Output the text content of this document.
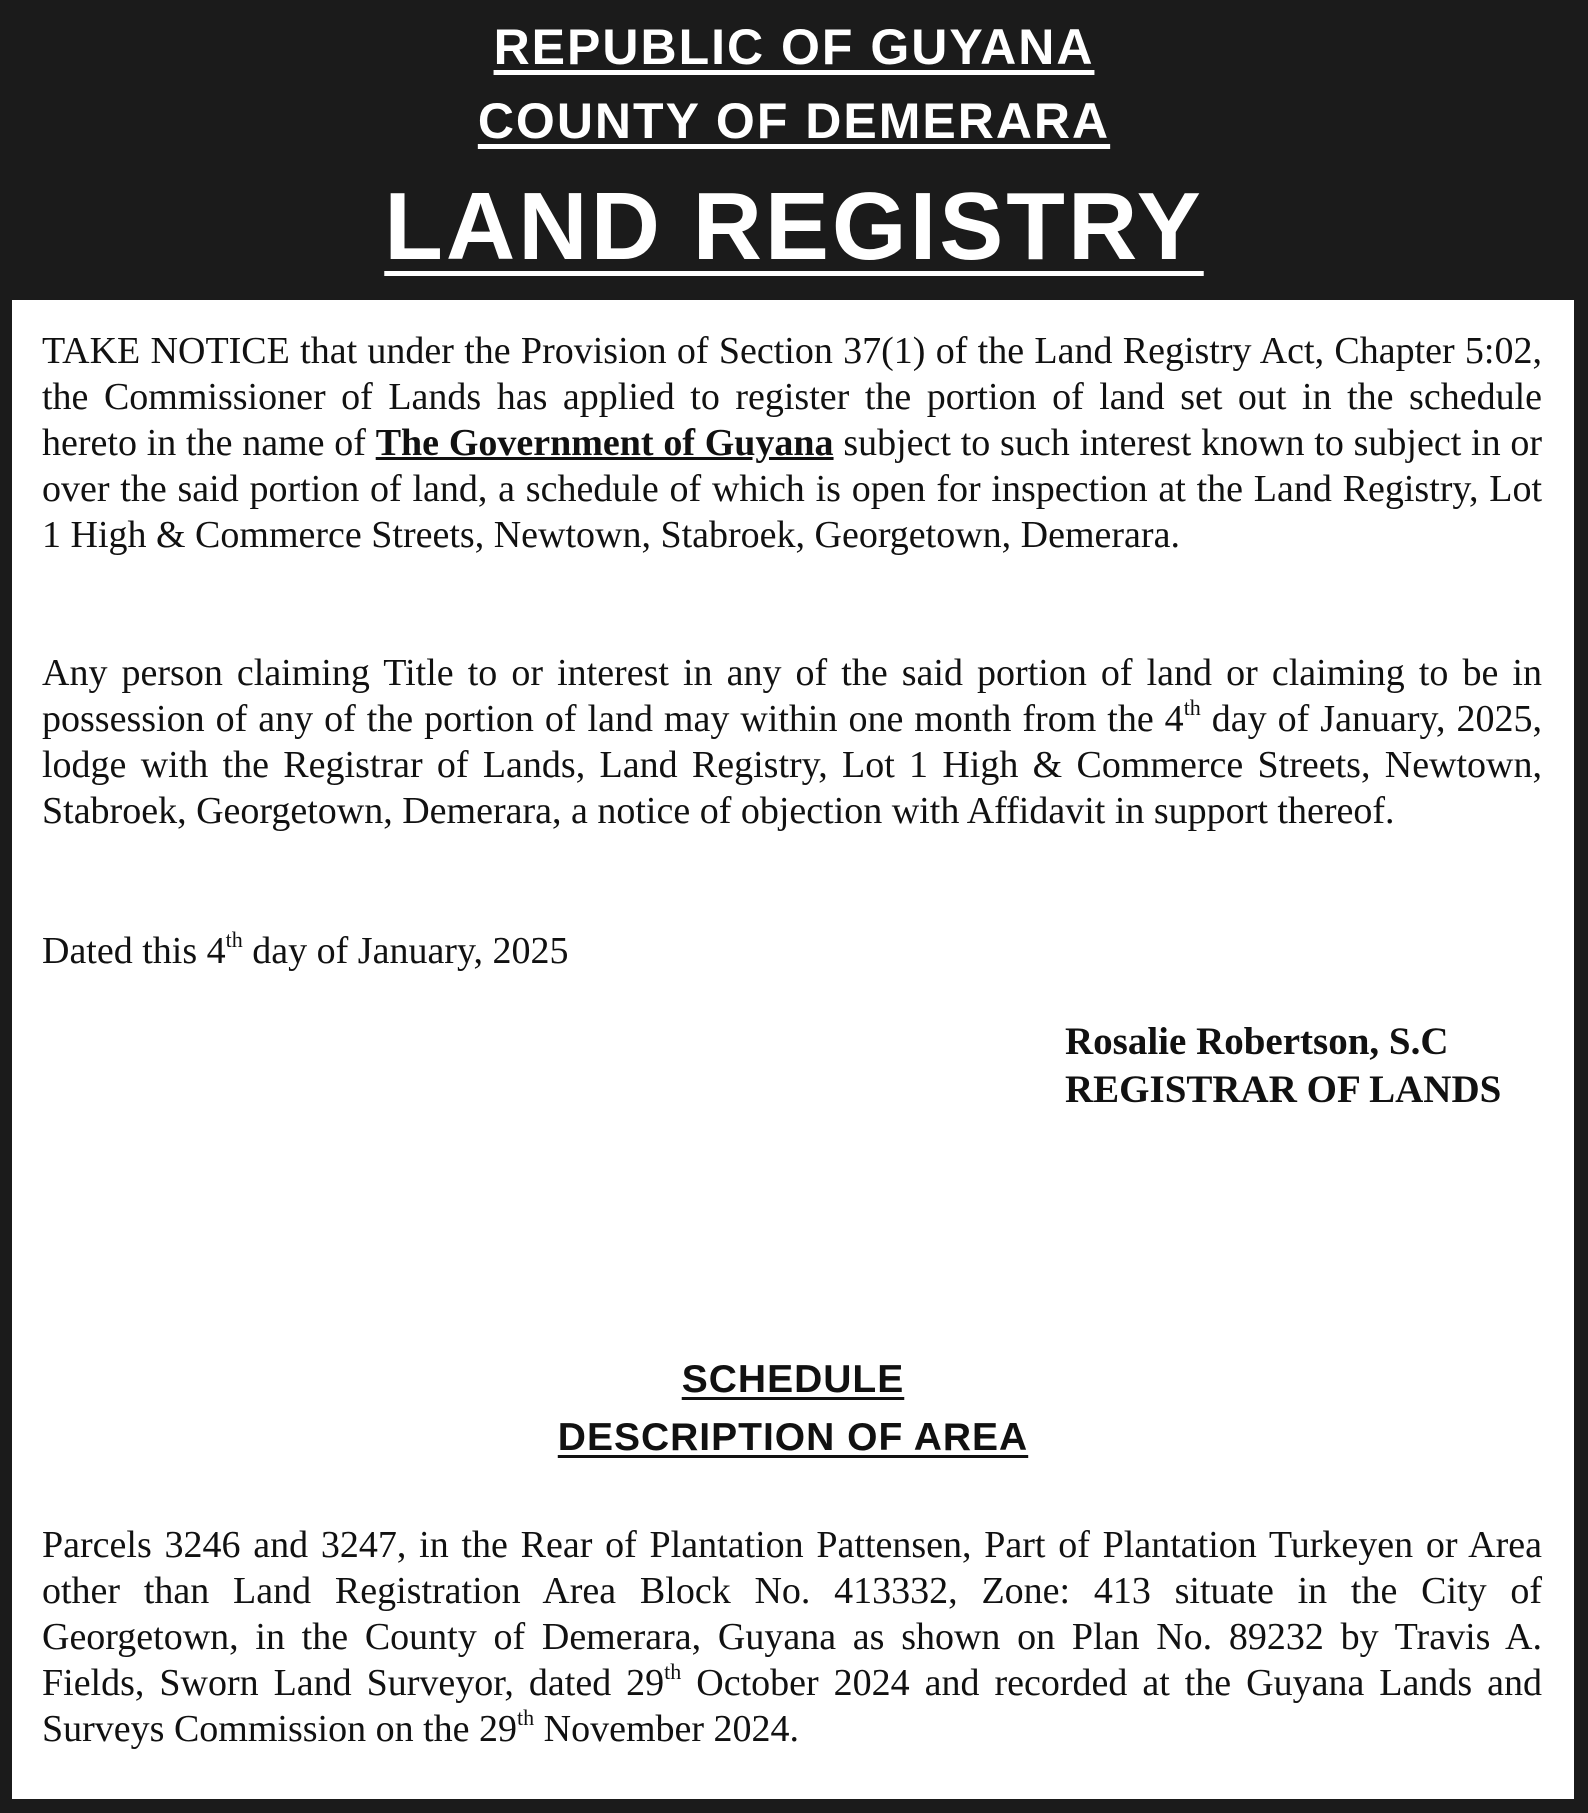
REPUBLIC OF GUYANA
COUNTY OF DEMERARA
LAND REGISTRY
TAKE NOTICE that under the Provision of Section 37(1) of the Land Registry Act, Chapter 5:02, the Commissioner of Lands has applied to register the portion of land set out in the schedule hereto in the name of The Government of Guyana subject to such interest known to subject in or over the said portion of land, a schedule of which is open for inspection at the Land Registry, Lot 1 High & Commerce Streets, Newtown, Stabroek, Georgetown, Demerara.
Any person claiming Title to or interest in any of the said portion of land or claiming to be in possession of any of the portion of land may within one month from the 4th day of January, 2025, lodge with the Registrar of Lands, Land Registry, Lot 1 High & Commerce Streets, Newtown, Stabroek, Georgetown, Demerara, a notice of objection with Affidavit in support thereof.
Dated this 4th day of January, 2025
Rosalie Robertson, S.C
REGISTRAR OF LANDS
SCHEDULE
DESCRIPTION OF AREA
Parcels 3246 and 3247, in the Rear of Plantation Pattensen, Part of Plantation Turkeyen or Area other than Land Registration Area Block No. 413332, Zone: 413 situate in the City of Georgetown, in the County of Demerara, Guyana as shown on Plan No. 89232 by Travis A. Fields, Sworn Land Surveyor, dated 29th October 2024 and recorded at the Guyana Lands and Surveys Commission on the 29th November 2024.
